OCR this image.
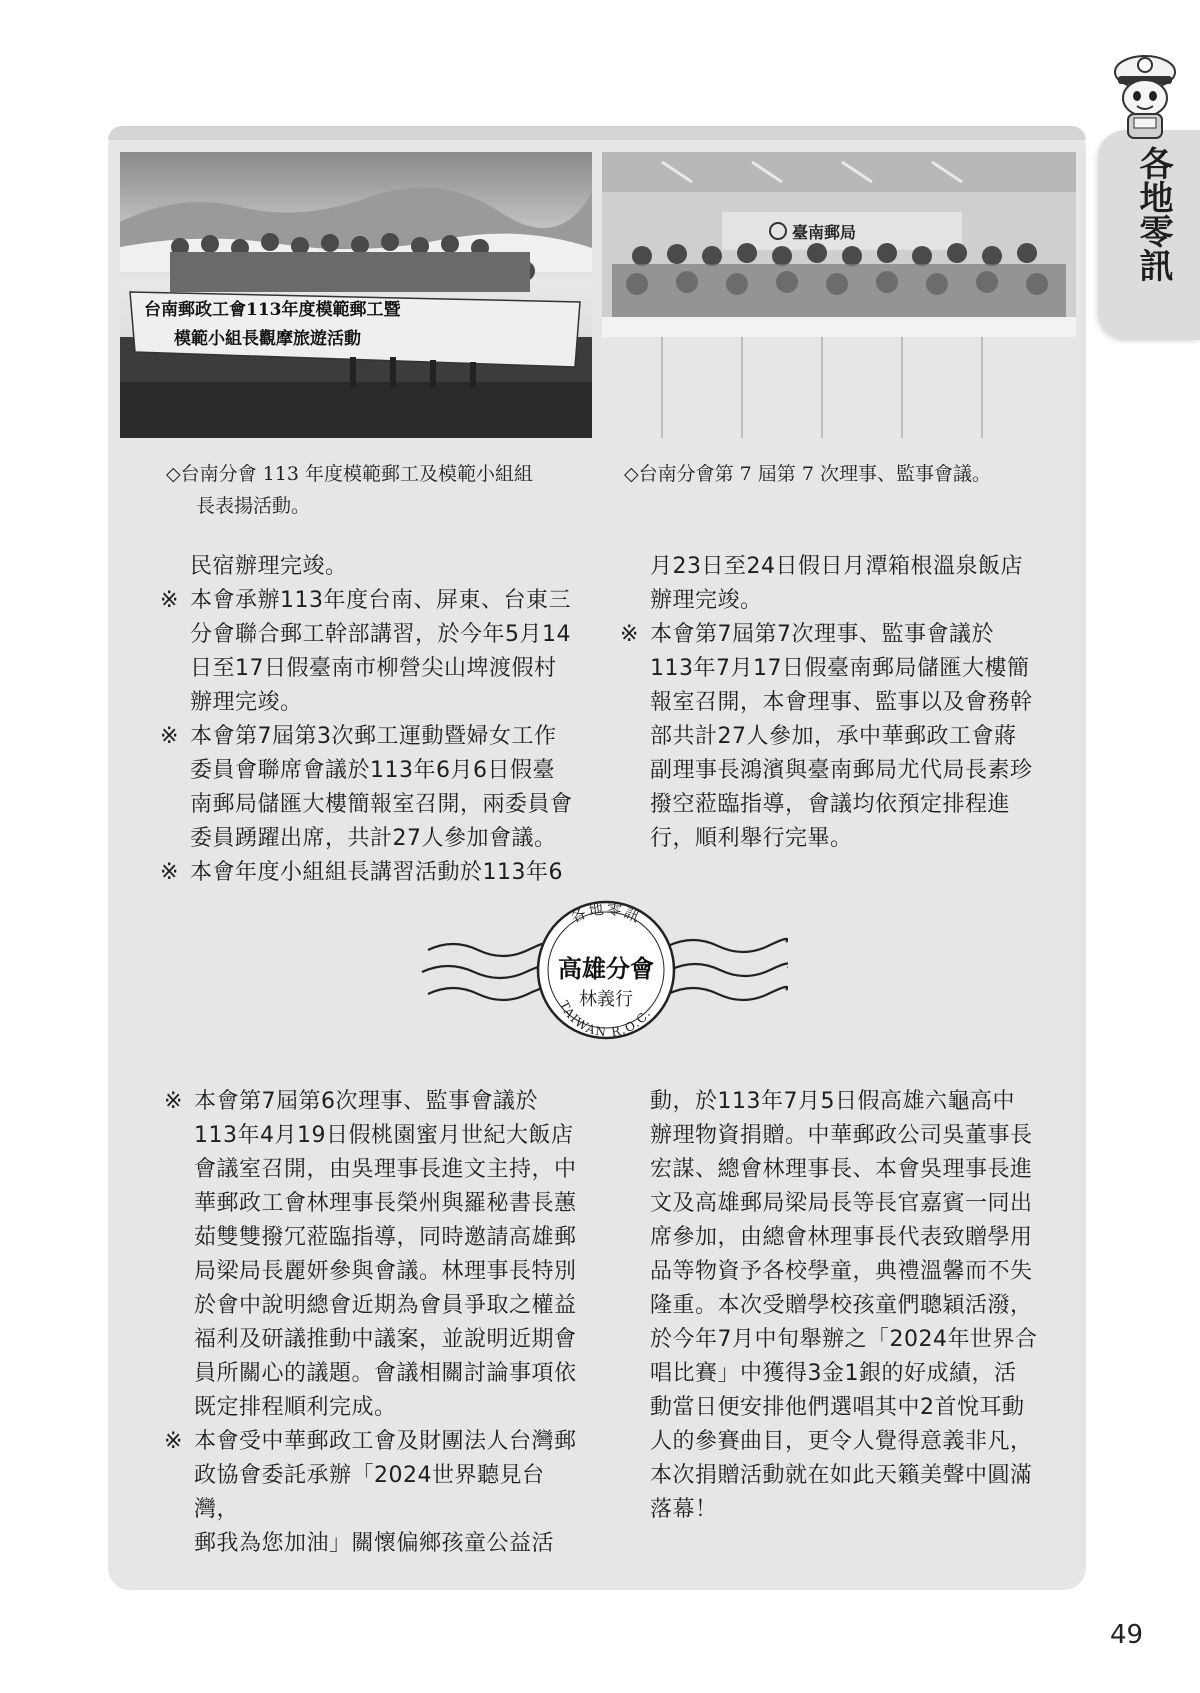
各地零訊
台南郵政工會113年度模範郵工暨
模範小組長觀摩旅遊活動
臺南郵局
◇台南分會 113 年度模範郵工及模範小組組
長表揚活動。
◇台南分會第 7 屆第 7 次理事、監事會議。

民宿辦理完竣。

※ 本會承辦113年度台南、屏東、台東三

分會聯合郵工幹部講習，於今年5月14

日至17日假臺南市柳營尖山埤渡假村

辦理完竣。

※ 本會第7屆第3次郵工運動暨婦女工作

委員會聯席會議於113年6月6日假臺

南郵局儲匯大樓簡報室召開，兩委員會

委員踴躍出席，共計27人參加會議。

※ 本會年度小組組長講習活動於113年6

月23日至24日假日月潭箱根溫泉飯店

辦理完竣。

※ 本會第7屆第7次理事、監事會議於

113年7月17日假臺南郵局儲匯大樓簡

報室召開，本會理事、監事以及會務幹

部共計27人參加，承中華郵政工會蔣

副理事長鴻濱與臺南郵局尤代局長素珍

撥空蒞臨指導，會議均依預定排程進

行，順利舉行完畢。

各地零訊
高雄分會
林義行
TAIWAN R.O.C.
※ 本會第7屆第6次理事、監事會議於

113年4月19日假桃園蜜月世紀大飯店

會議室召開，由吳理事長進文主持，中

華郵政工會林理事長榮州與羅秘書長蕙

茹雙雙撥冗蒞臨指導，同時邀請高雄郵

局梁局長麗妍參與會議。林理事長特別

於會中說明總會近期為會員爭取之權益

福利及研議推動中議案，並說明近期會

員所關心的議題。會議相關討論事項依

既定排程順利完成。

※ 本會受中華郵政工會及財團法人台灣郵

政協會委託承辦「2024世界聽見台灣，

郵我為您加油」關懷偏鄉孩童公益活

動，於113年7月5日假高雄六龜高中

辦理物資捐贈。中華郵政公司吳董事長

宏謀、總會林理事長、本會吳理事長進

文及高雄郵局梁局長等長官嘉賓一同出

席參加，由總會林理事長代表致贈學用

品等物資予各校學童，典禮溫馨而不失

隆重。本次受贈學校孩童們聰穎活潑，

於今年7月中旬舉辦之「2024年世界合

唱比賽」中獲得3金1銀的好成績，活

動當日便安排他們選唱其中2首悅耳動

人的參賽曲目，更令人覺得意義非凡，

本次捐贈活動就在如此天籟美聲中圓滿

落幕！

49
